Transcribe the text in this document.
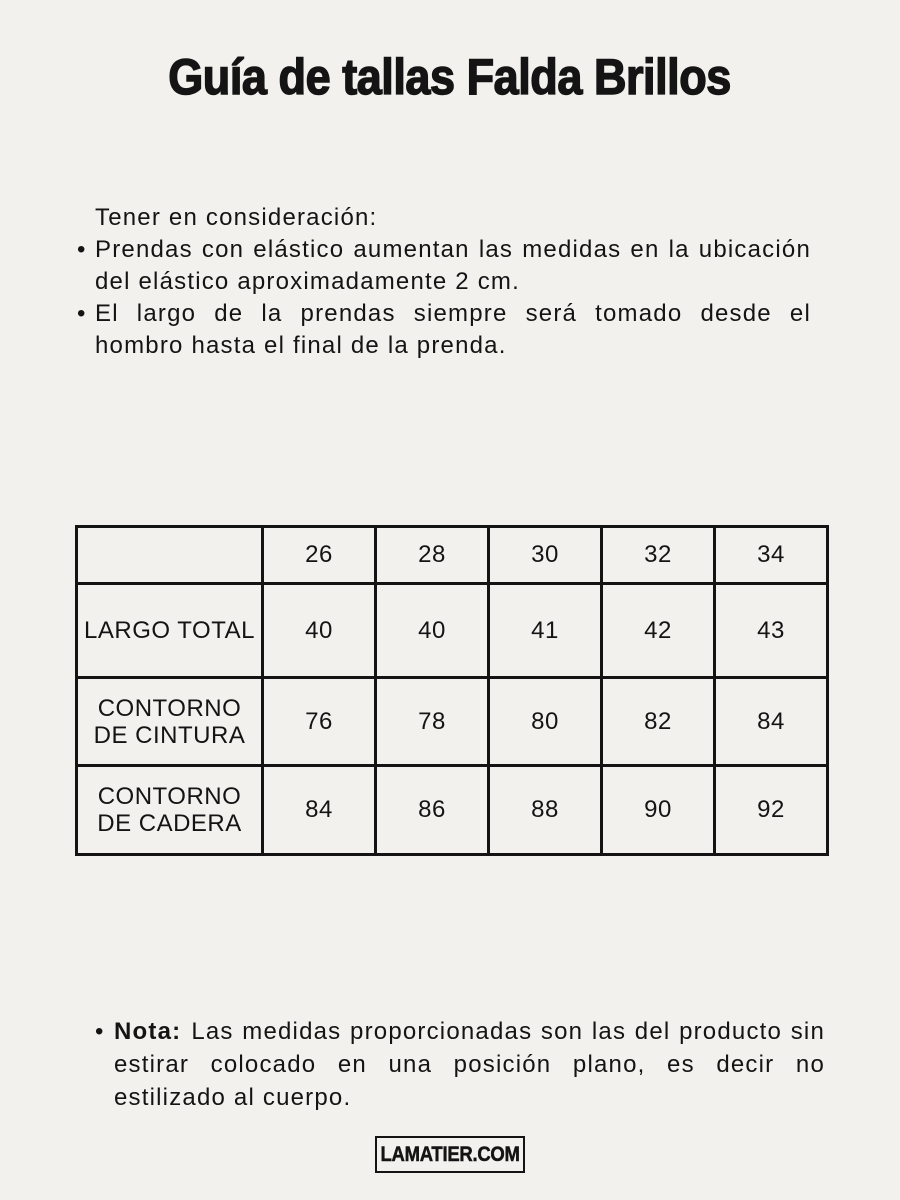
Guía de tallas Falda Brillos

Tener en consideración:

• Prendas con elástico aumentan las medidas en la ubicación del elástico aproximadamente 2 cm.
• El largo de la prendas siempre será tomado desde el hombro hasta el final de la prenda.
	26	28	30	32	34

LARGO TOTAL	40	40	41	42	43

CONTORNO
DE CINTURA	76	78	80	82	84

CONTORNO
DE CADERA	84	86	88	90	92
• Nota: Las medidas proporcionadas son las del producto sin estirar colocado en una posición plano, es decir no estilizado al cuerpo.
LAMATIER.COM
